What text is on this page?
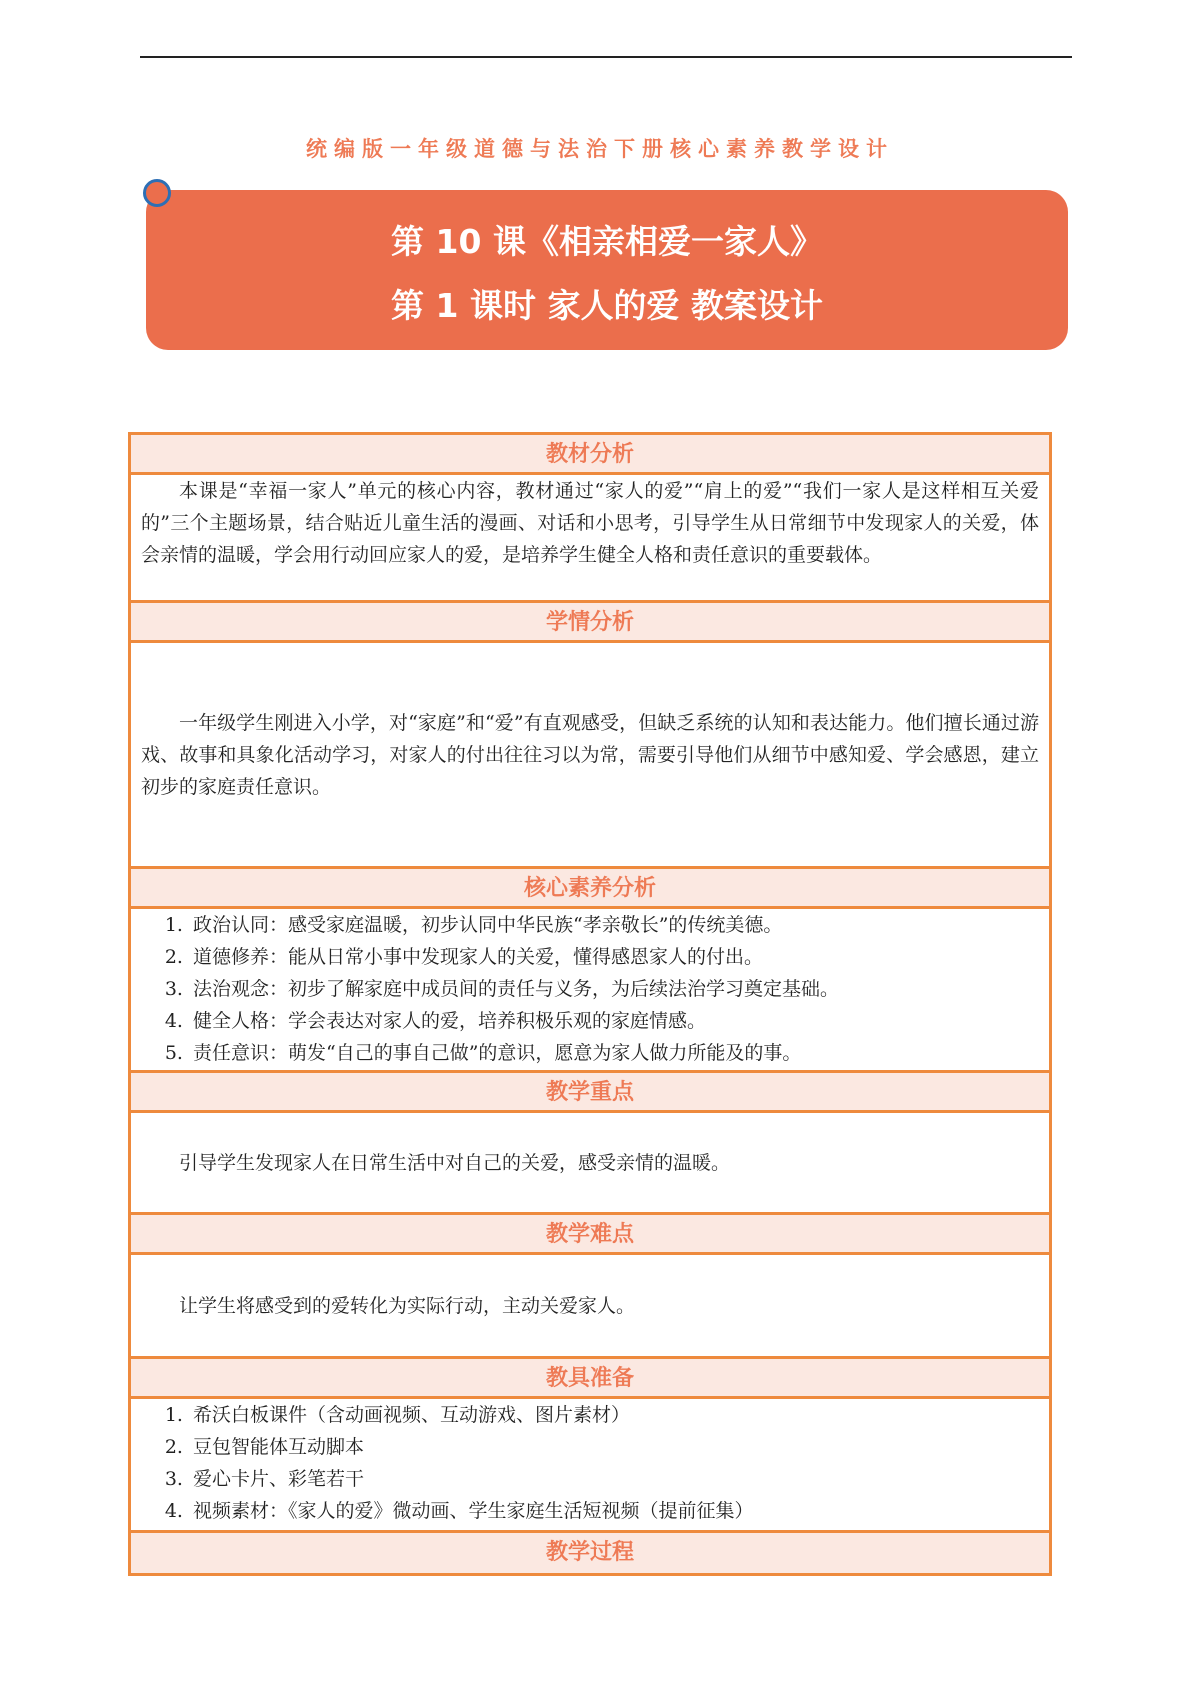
统编版一年级道德与法治下册核心素养教学设计
第 10 课《相亲相爱一家人》
第 1 课时 家人的爱 教案设计
教材分析
本课是“幸福一家人”单元的核心内容，教材通过“家人的爱”“肩上的爱”“我们一家人是这样相互关爱的”三个主题场景，结合贴近儿童生活的漫画、对话和小思考，引导学生从日常细节中发现家人的关爱，体会亲情的温暖，学会用行动回应家人的爱，是培养学生健全人格和责任意识的重要载体。
学情分析
一年级学生刚进入小学，对“家庭”和“爱”有直观感受，但缺乏系统的认知和表达能力。他们擅长通过游戏、故事和具象化活动学习，对家人的付出往往习以为常，需要引导他们从细节中感知爱、学会感恩，建立初步的家庭责任意识。
核心素养分析
1. 政治认同：感受家庭温暖，初步认同中华民族“孝亲敬长”的传统美德。
2. 道德修养：能从日常小事中发现家人的关爱，懂得感恩家人的付出。
3. 法治观念：初步了解家庭中成员间的责任与义务，为后续法治学习奠定基础。
4. 健全人格：学会表达对家人的爱，培养积极乐观的家庭情感。
5. 责任意识：萌发“自己的事自己做”的意识，愿意为家人做力所能及的事。
教学重点
引导学生发现家人在日常生活中对自己的关爱，感受亲情的温暖。
教学难点
让学生将感受到的爱转化为实际行动，主动关爱家人。
教具准备
1. 希沃白板课件（含动画视频、互动游戏、图片素材）
2. 豆包智能体互动脚本
3. 爱心卡片、彩笔若干
4. 视频素材：《家人的爱》微动画、学生家庭生活短视频（提前征集）
教学过程
